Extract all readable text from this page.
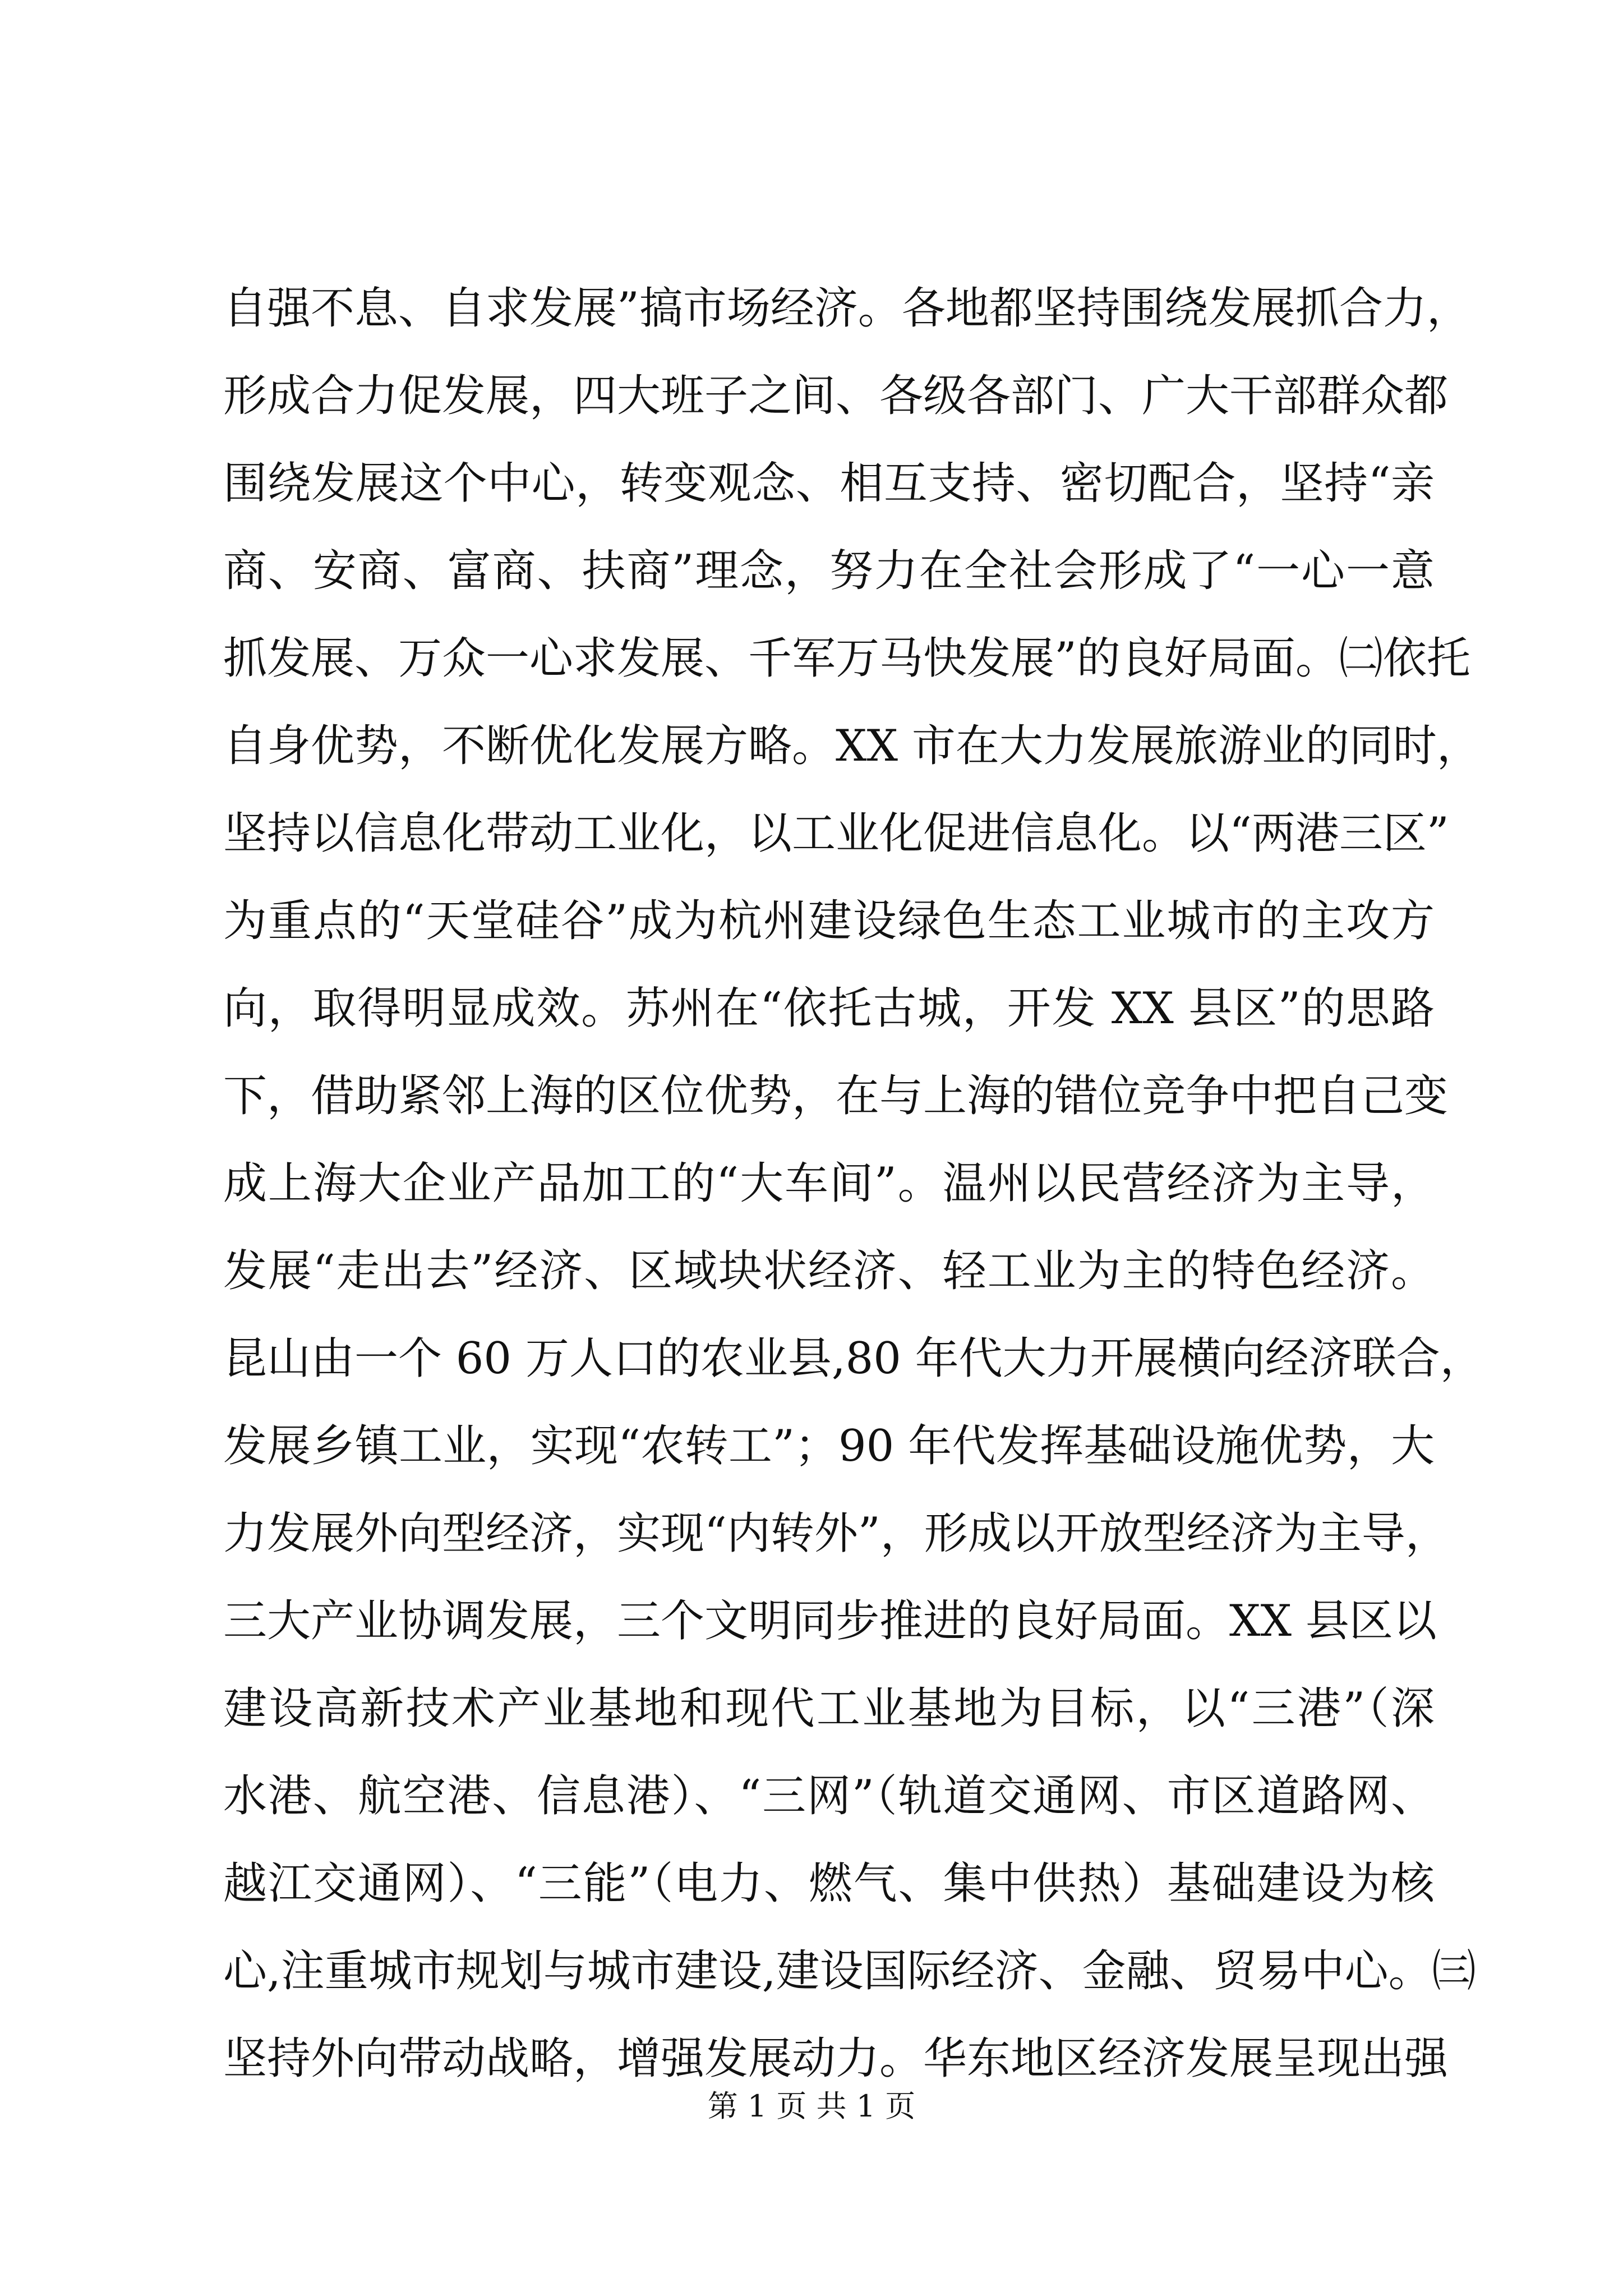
自强不息、自求发展”搞市场经济。各地都坚持围绕发展抓合力，
形成合力促发展，四大班子之间、各级各部门、广大干部群众都
围绕发展这个中心，转变观念、相互支持、密切配合，坚持“亲
商、安商、富商、扶商”理念，努力在全社会形成了“一心一意
抓发展、万众一心求发展、千军万马快发展”的良好局面。㈡依托
自身优势，不断优化发展方略。XX 市在大力发展旅游业的同时，
坚持以信息化带动工业化，以工业化促进信息化。以“两港三区”
为重点的“天堂硅谷”成为杭州建设绿色生态工业城市的主攻方
向，取得明显成效。苏州在“依托古城，开发 XX 县区”的思路
下，借助紧邻上海的区位优势，在与上海的错位竞争中把自己变
成上海大企业产品加工的“大车间”。温州以民营经济为主导，
发展“走出去”经济、区域块状经济、轻工业为主的特色经济。
昆山由一个 60 万人口的农业县,80 年代大力开展横向经济联合，
发展乡镇工业，实现“农转工”；90 年代发挥基础设施优势，大
力发展外向型经济，实现“内转外”，形成以开放型经济为主导，
三大产业协调发展，三个文明同步推进的良好局面。XX 县区以
建设高新技术产业基地和现代工业基地为目标，以“三港”（深
水港、航空港、信息港）、“三网”（轨道交通网、市区道路网、
越江交通网）、“三能”（电力、燃气、集中供热）基础建设为核
心,注重城市规划与城市建设,建设国际经济、金融、贸易中心。㈢
坚持外向带动战略，增强发展动力。华东地区经济发展呈现出强
第 1 页 共 1 页
